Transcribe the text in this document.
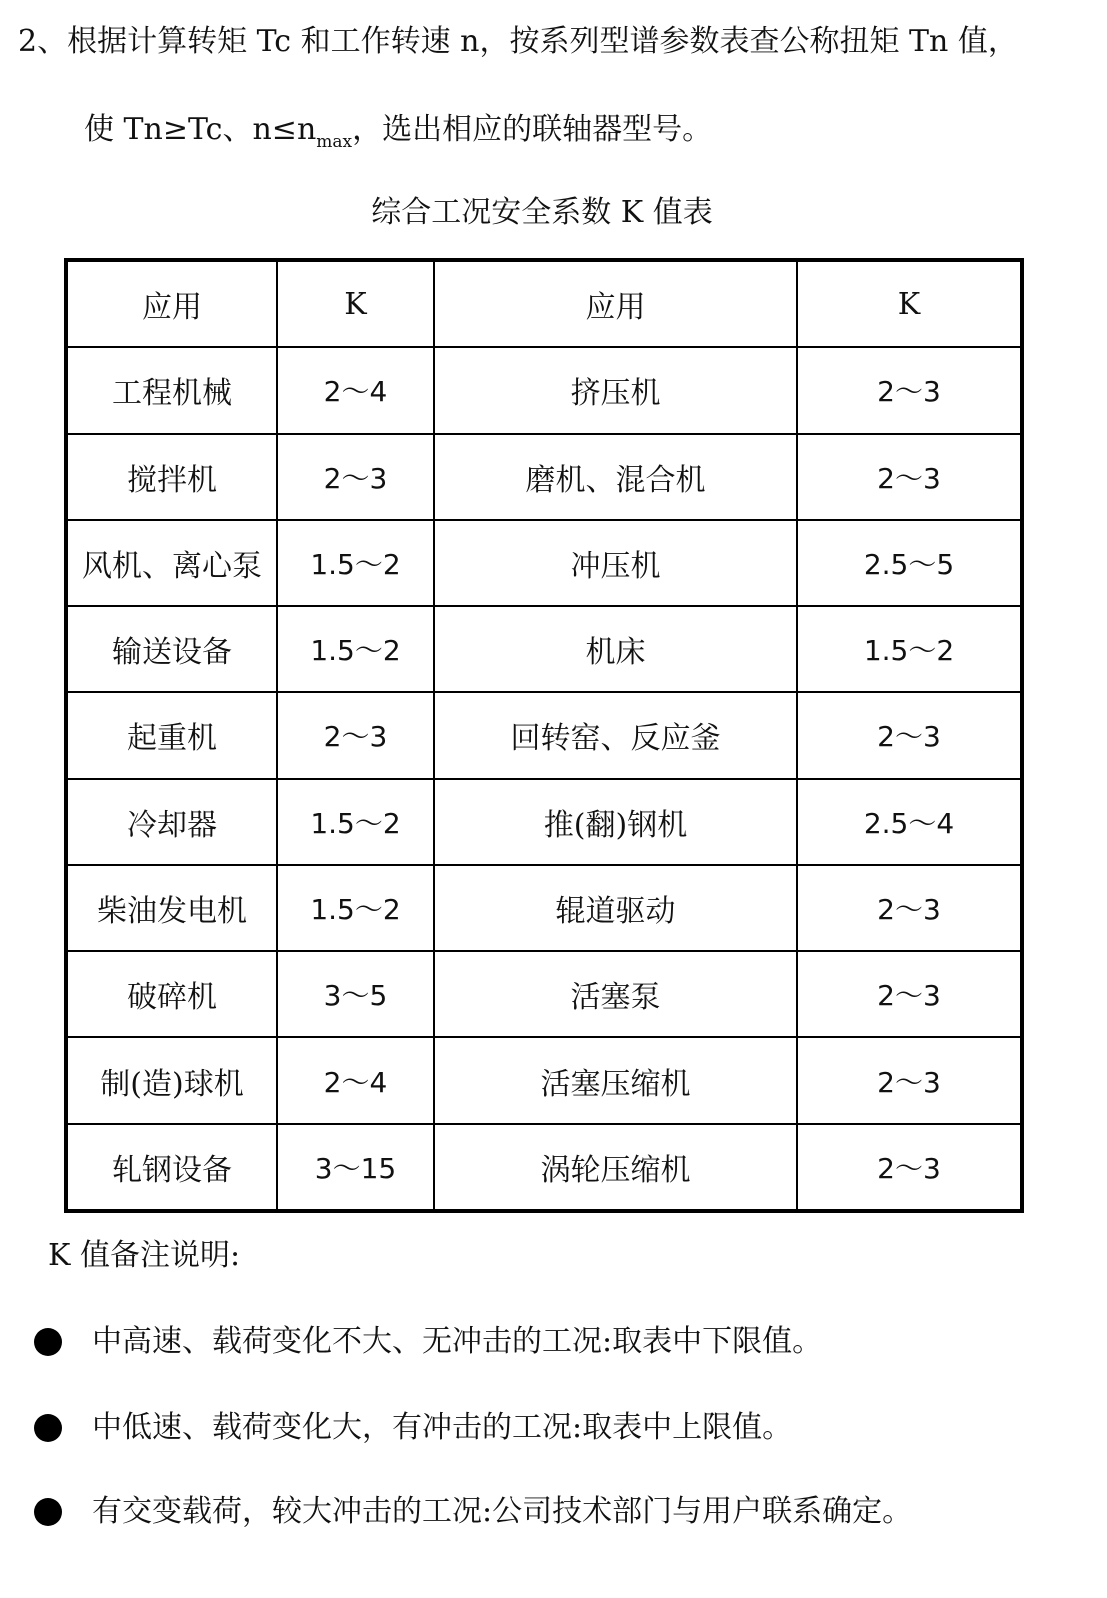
2、根据计算转矩 Tc 和工作转速 n，按系列型谱参数表查公称扭矩 Tn 值，
使 Tn≥Tc、$n\le n_{max}$，选出相应的联轴器型号。
综合工况安全系数 K 值表
应用	K	应用	K
工程机械	2～4	挤压机	2～3
搅拌机	2～3	磨机、混合机	2～3
风机、离心泵	1.5～2	冲压机	2.5～5
输送设备	1.5～2	机床	1.5～2
起重机	2～3	回转窑、反应釜	2～3
冷却器	1.5～2	推(翻)钢机	2.5～4
柴油发电机	1.5～2	辊道驱动	2～3
破碎机	3～5	活塞泵	2～3
制(造)球机	2～4	活塞压缩机	2～3
轧钢设备	3～15	涡轮压缩机	2～3
K 值备注说明:
中高速、载荷变化不大、无冲击的工况:取表中下限值。
中低速、载荷变化大，有冲击的工况:取表中上限值。
有交变载荷，较大冲击的工况:公司技术部门与用户联系确定。
